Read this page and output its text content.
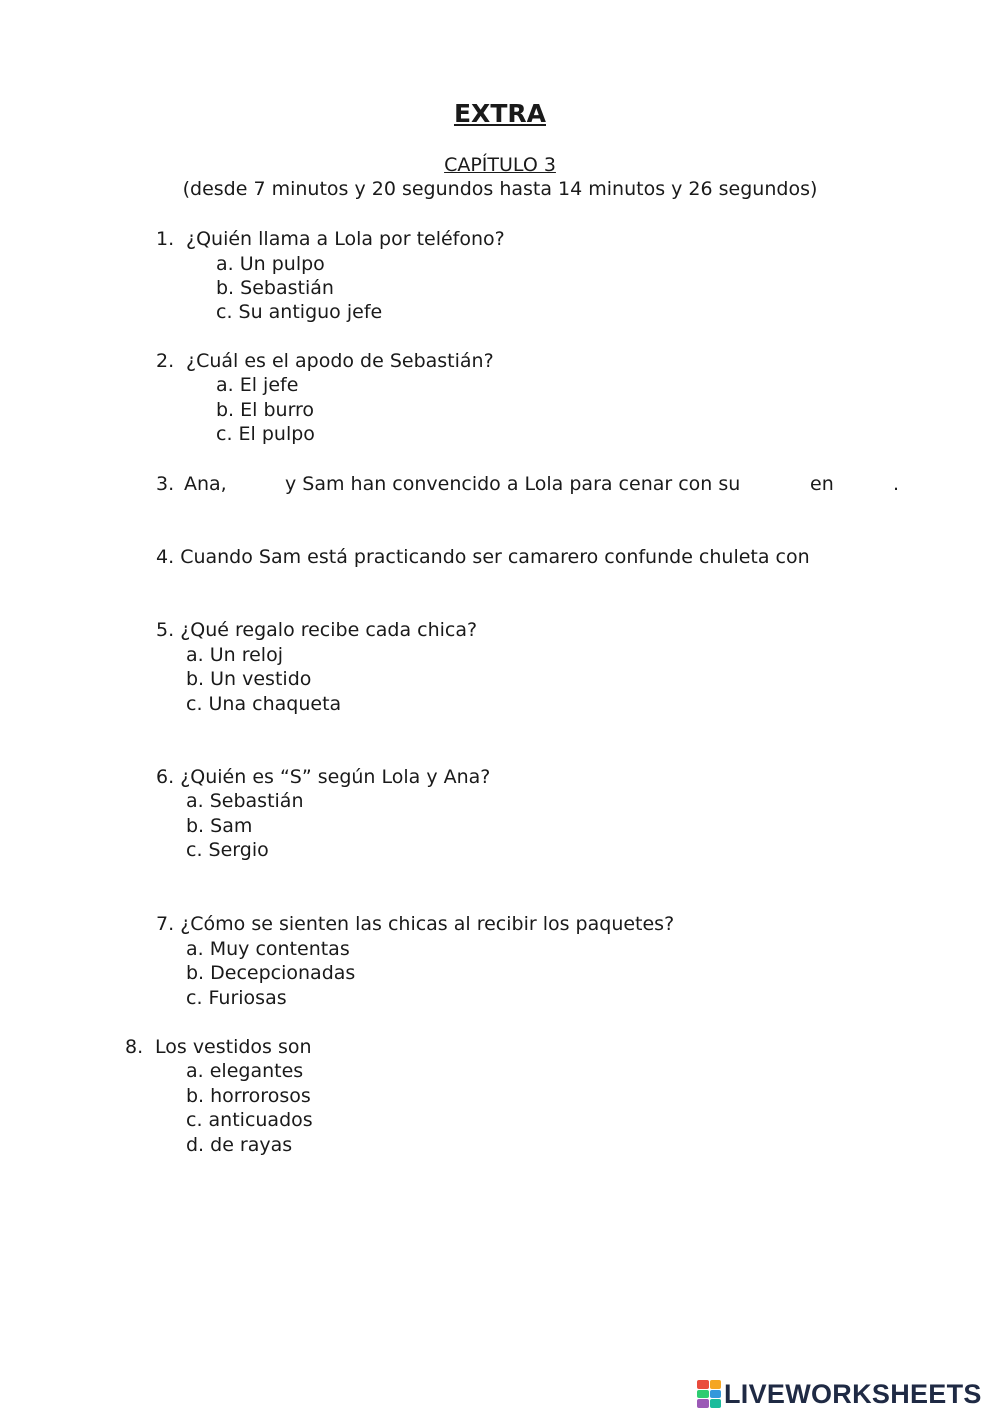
EXTRA
CAPÍTULO 3
(desde 7 minutos y 20 segundos hasta 14 minutos y 26 segundos)
1. ¿Quién llama a Lola por teléfono?
a. Un pulpo
b. Sebastián
c. Su antiguo jefe
2. ¿Cuál es el apodo de Sebastián?
a. El jefe
b. El burro
c. El pulpo
3. Ana,	y Sam han convencido a Lola para cenar con su	en	.
4. Cuando Sam está practicando ser camarero confunde chuleta con
5. ¿Qué regalo recibe cada chica?
a. Un reloj
b. Un vestido
c. Una chaqueta
6. ¿Quién es “S” según Lola y Ana?
a. Sebastián
b. Sam
c. Sergio
7. ¿Cómo se sienten las chicas al recibir los paquetes?
a. Muy contentas
b. Decepcionadas
c. Furiosas
8. Los vestidos son
a. elegantes
b. horrorosos
c. anticuados
d. de rayas
LIVEWORKSHEETS
